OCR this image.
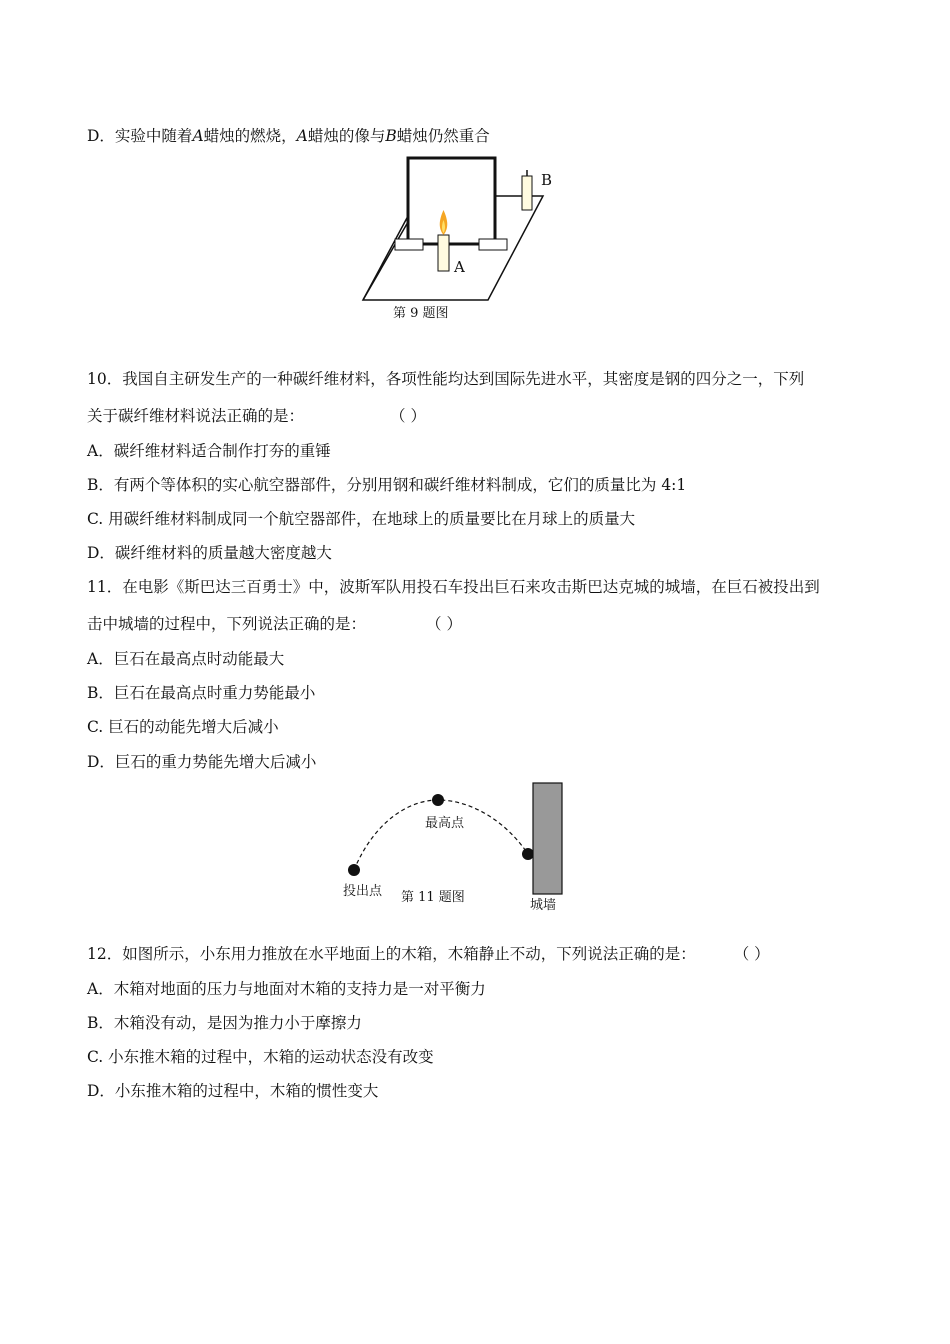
D．实验中随着A蜡烛的燃烧，A蜡烛的像与B蜡烛仍然重合
B
A
第 9 题图
10．我国自主研发生产的一种碳纤维材料，各项性能均达到国际先进水平，其密度是钢的四分之一，下列
关于碳纤维材料说法正确的是：	（ ）
A．碳纤维材料适合制作打夯的重锤
B．有两个等体积的实心航空器部件，分别用钢和碳纤维材料制成，它们的质量比为 4:1
C. 用碳纤维材料制成同一个航空器部件，在地球上的质量要比在月球上的质量大
D．碳纤维材料的质量越大密度越大
11．在电影《斯巴达三百勇士》中，波斯军队用投石车投出巨石来攻击斯巴达克城的城墙，在巨石被投出到
击中城墙的过程中，下列说法正确的是：	（ ）
A．巨石在最高点时动能最大
B．巨石在最高点时重力势能最小
C. 巨石的动能先增大后减小
D．巨石的重力势能先增大后减小
最高点
投出点 第 11 题图
城墙
12．如图所示，小东用力推放在水平地面上的木箱，木箱静止不动，下列说法正确的是： （ ）
A．木箱对地面的压力与地面对木箱的支持力是一对平衡力
B．木箱没有动，是因为推力小于摩擦力
C. 小东推木箱的过程中，木箱的运动状态没有改变
D．小东推木箱的过程中，木箱的惯性变大
